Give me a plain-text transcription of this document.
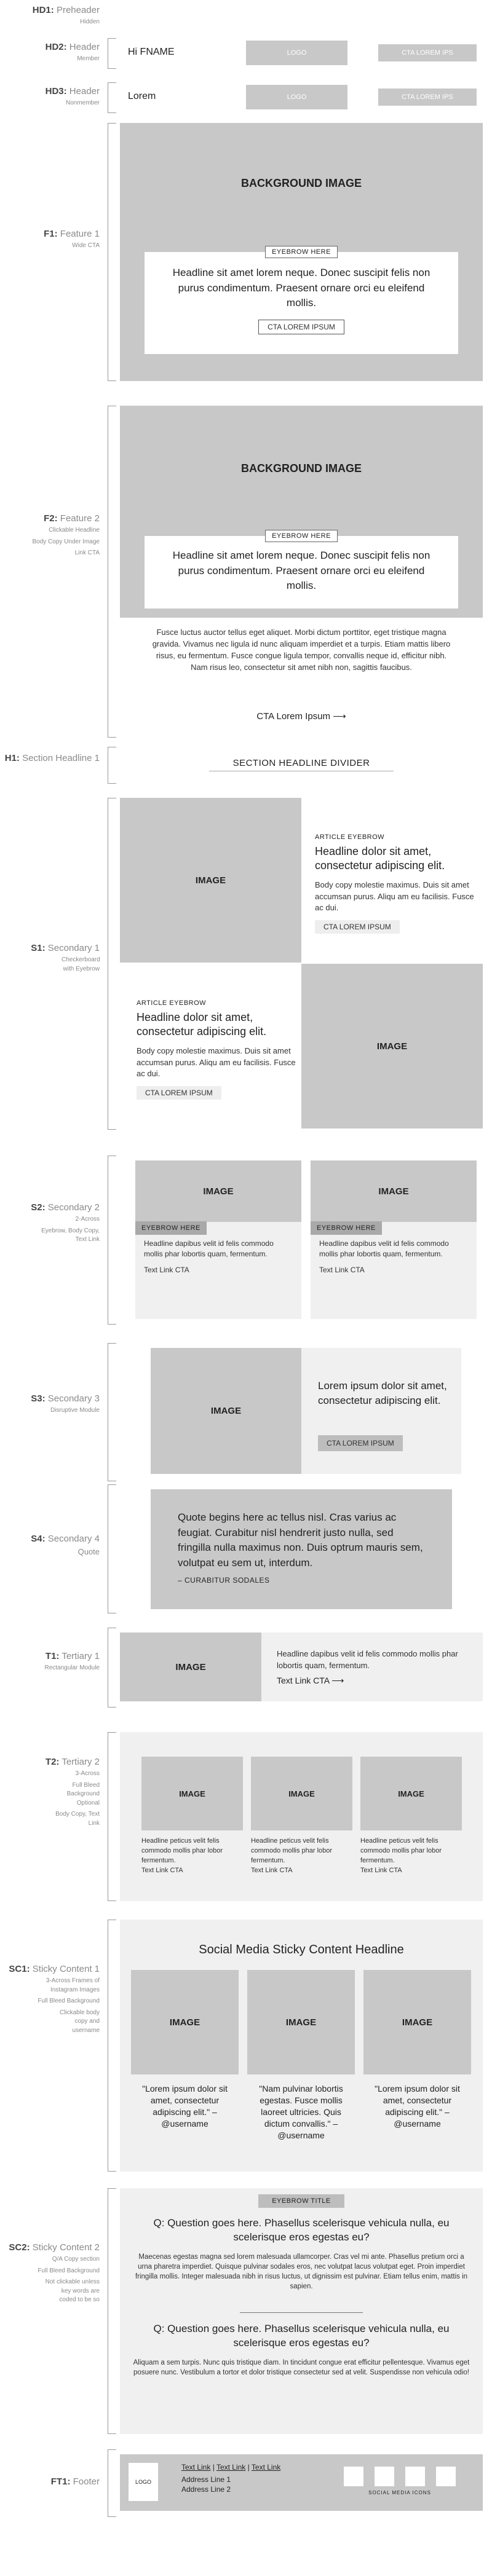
HD1: Preheader
Hidden
HD2: Header
Member
Hi FNAME	LOGO	CTA LOREM IPS
HD3: Header
Nonmember
Lorem	LOGO	CTA LOREM IPS
F1: Feature 1
Wide CTA
BACKGROUND IMAGE
EYEBROW HERE
Headline sit amet lorem neque. Donec suscipit felis non purus condimentum. Praesent ornare orci eu eleifend mollis.
CTA LOREM IPSUM
F2: Feature 2
Clickable Headline
Body Copy Under Image
Link CTA
BACKGROUND IMAGE
EYEBROW HERE
Headline sit amet lorem neque. Donec suscipit felis non purus condimentum. Praesent ornare orci eu eleifend mollis.
Fusce luctus auctor tellus eget aliquet. Morbi dictum porttitor, eget tristique magna gravida. Vivamus nec ligula id nunc aliquam imperdiet et a turpis. Etiam mattis libero risus, eu fermentum. Fusce congue ligula tempor, convallis neque id, efficitur nibh. Nam risus leo, consectetur sit amet nibh non, sagittis faucibus.
CTA Lorem Ipsum ⟶
H1: Section Headline 1	SECTION HEADLINE DIVIDER
S1: Secondary 1
Checkerboard with Eyebrow
IMAGE
ARTICLE EYEBROW
Headline dolor sit amet, consectetur adipiscing elit.
Body copy molestie maximus. Duis sit amet accumsan purus. Aliqu am eu facilisis. Fusce ac dui.
CTA LOREM IPSUM
ARTICLE EYEBROW
Headline dolor sit amet, consectetur adipiscing elit.
Body copy molestie maximus. Duis sit amet accumsan purus. Aliqu am eu facilisis. Fusce ac dui.
CTA LOREM IPSUM
IMAGE
S2: Secondary 2
2-Across
Eyebrow, Body Copy, Text Link
IMAGE
EYEBROW HERE
Headline dapibus velit id felis commodo mollis phar lobortis quam, fermentum.
Text Link CTA
IMAGE
EYEBROW HERE
Headline dapibus velit id felis commodo mollis phar lobortis quam, fermentum.
Text Link CTA
S3: Secondary 3
Disruptive Module	IMAGE
Lorem ipsum dolor sit amet, consectetur adipiscing elit.
CTA LOREM IPSUM
S4: Secondary 4
Quote
Quote begins here ac tellus nisl. Cras varius ac feugiat. Curabitur nisl hendrerit justo nulla, sed fringilla nulla maximus non. Duis optrum mauris sem, volutpat eu sem ut, interdum.
– CURABITUR SODALES
T1: Tertiary 1
Rectangular Module	IMAGE
Headline dapibus velit id felis commodo mollis phar lobortis quam, fermentum.
Text Link CTA ⟶
T2: Tertiary 2
3-Across
Full Bleed Background Optional
Body Copy, Text Link
IMAGE
Headline peticus velit felis commodo mollis phar lobor fermentum.
Text Link CTA
IMAGE
Headline peticus velit felis commodo mollis phar lobor fermentum.
Text Link CTA
IMAGE
Headline peticus velit felis commodo mollis phar lobor fermentum.
Text Link CTA
SC1: Sticky Content 1
3-Across Frames of Instagram Images
Full Bleed Background
Clickable body copy and username
Social Media Sticky Content Headline
IMAGE
"Lorem ipsum dolor sit amet, consectetur adipiscing elit." – @username
IMAGE
"Nam pulvinar lobortis egestas. Fusce mollis laoreet ultricies. Quis dictum convallis." – @username
IMAGE
"Lorem ipsum dolor sit amet, consectetur adipiscing elit." – @username
SC2: Sticky Content 2
Q/A Copy section
Full Bleed Background
Not clickable unless key words are coded to be so
EYEBROW TITLE
Q: Question goes here. Phasellus scelerisque vehicula nulla, eu scelerisque eros egestas eu?
Maecenas egestas magna sed lorem malesuada ullamcorper. Cras vel mi ante. Phasellus pretium orci a urna pharetra imperdiet. Quisque pulvinar sodales eros, nec volutpat lacus volutpat eget. Proin imperdiet fringilla mollis. Integer malesuada nibh in risus luctus, ut dignissim est pulvinar. Etiam tellus enim, mattis in sapien.
Q: Question goes here. Phasellus scelerisque vehicula nulla, eu scelerisque eros egestas eu?
Aliquam a sem turpis. Nunc quis tristique diam. In tincidunt congue erat efficitur pellentesque. Vivamus eget posuere nunc. Vestibulum a tortor et dolor tristique consectetur sed at velit. Suspendisse non vehicula odio!
FT1: Footer	LOGO
Text Link | Text Link | Text Link
Address Line 1
Address Line 2	SOCIAL MEDIA ICONS
